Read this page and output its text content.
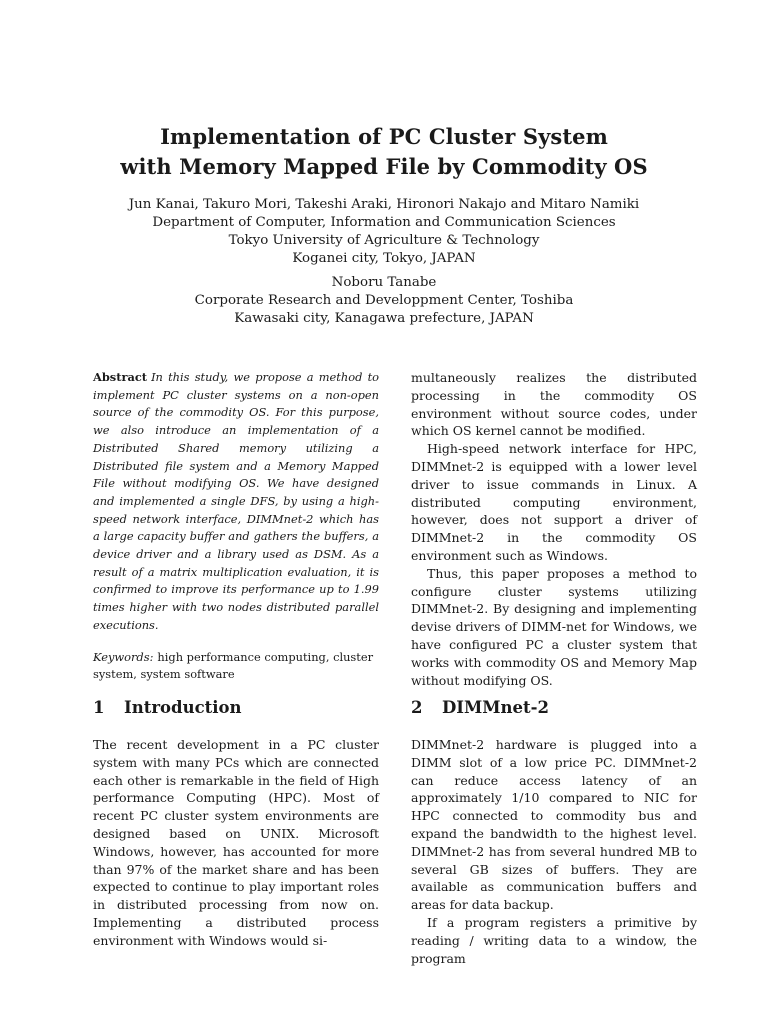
Implementation of PC Cluster System
with Memory Mapped File by Commodity OS
Jun Kanai, Takuro Mori, Takeshi Araki, Hironori Nakajo and Mitaro Namiki
Department of Computer, Information and Communication Sciences
Tokyo University of Agriculture & Technology
Koganei city, Tokyo, JAPAN
Noboru Tanabe
Corporate Research and Developpment Center, Toshiba
Kawasaki city, Kanagawa prefecture, JAPAN

Abstract In this study, we propose a method to implement PC cluster systems on a non-open source of the commodity OS. For this purpose, we also introduce an implementation of a Distributed Shared memory utilizing a Distributed file system and a Memory Mapped File without modifying OS. We have designed and implemented a single DFS, by using a high-speed network interface, DIMMnet-2 which has a large capacity buffer and gathers the buffers, a device driver and a library used as DSM. As a result of a matrix multiplication evaluation, it is confirmed to improve its performance up to 1.99 times higher with two nodes distributed parallel executions.

Keywords: high performance computing, cluster system, system software

multaneously realizes the distributed processing in the commodity OS environment without source codes, under which OS kernel cannot be modified.

High-speed network interface for HPC, DIMMnet-2 is equipped with a lower level driver to issue commands in Linux. A distributed computing environment, however, does not support a driver of DIMMnet-2 in the commodity OS environment such as Windows.

Thus, this paper proposes a method to configure cluster systems utilizing DIMMnet-2. By designing and implementing devise drivers of DIMM-net for Windows, we have configured PC a cluster system that works with commodity OS and Memory Map without modifying OS.

1 Introduction

The recent development in a PC cluster system with many PCs which are connected each other is remarkable in the field of High performance Computing (HPC). Most of recent PC cluster system environments are designed based on UNIX. Microsoft Windows, however, has accounted for more than 97% of the market share and has been expected to continue to play important roles in distributed processing from now on. Implementing a distributed process environment with Windows would si-

2 DIMMnet-2

DIMMnet-2 hardware is plugged into a DIMM slot of a low price PC. DIMMnet-2 can reduce access latency of an approximately 1/10 compared to NIC for HPC connected to commodity bus and expand the bandwidth to the highest level. DIMMnet-2 has from several hundred MB to several GB sizes of buffers. They are available as communication buffers and areas for data backup.

If a program registers a primitive by reading / writing data to a window, the program
